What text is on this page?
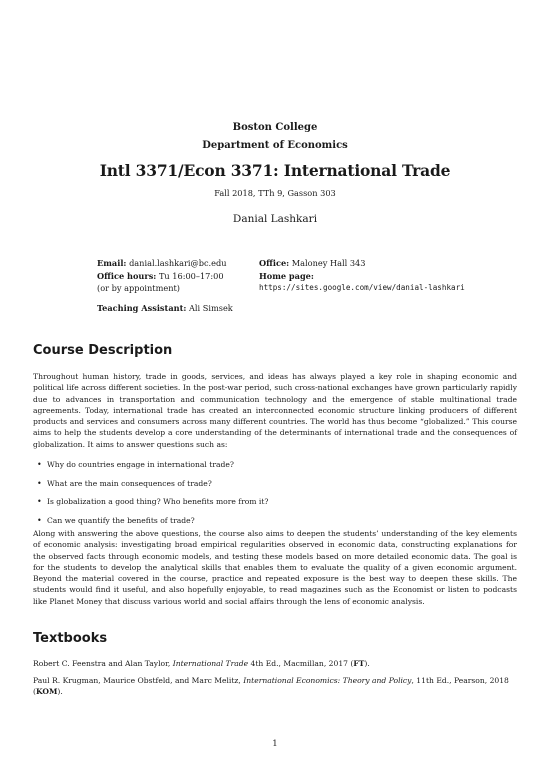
Boston College
Department of Economics
Intl 3371/Econ 3371: International Trade
Fall 2018, TTh 9, Gasson 303
Danial Lashkari
Email: danial.lashkari@bc.edu
Office hours: Tu 16:00–17:00
(or by appointment)
Office: Maloney Hall 343
Home page:
https://sites.google.com/view/danial-lashkari
Teaching Assistant: Ali Simsek
Course Description
Throughout human history, trade in goods, services, and ideas has always played a key role in shaping economic and political life across different societies. In the post-war period, such cross-national exchanges have grown particularly rapidly due to advances in transportation and communication technology and the emergence of stable multinational trade agreements. Today, international trade has created an interconnected economic structure linking producers of different products and services and consumers across many different countries. The world has thus become “globalized.” This course aims to help the students develop a core understanding of the determinants of international trade and the consequences of globalization. It aims to answer questions such as:
• Why do countries engage in international trade?
• What are the main consequences of trade?
• Is globalization a good thing? Who benefits more from it?
• Can we quantify the benefits of trade?
Along with answering the above questions, the course also aims to deepen the students’ understanding of the key elements of economic analysis: investigating broad empirical regularities observed in economic data, constructing explanations for the observed facts through economic models, and testing these models based on more detailed economic data. The goal is for the students to develop the analytical skills that enables them to evaluate the quality of a given economic argument. Beyond the material covered in the course, practice and repeated exposure is the best way to deepen these skills. The students would find it useful, and also hopefully enjoyable, to read magazines such as the Economist or listen to podcasts like Planet Money that discuss various world and social affairs through the lens of economic analysis.
Textbooks
Robert C. Feenstra and Alan Taylor, International Trade 4th Ed., Macmillan, 2017 (FT).
Paul R. Krugman, Maurice Obstfeld, and Marc Melitz, International Economics: Theory and Policy, 11th Ed., Pearson, 2018 (KOM).
1
